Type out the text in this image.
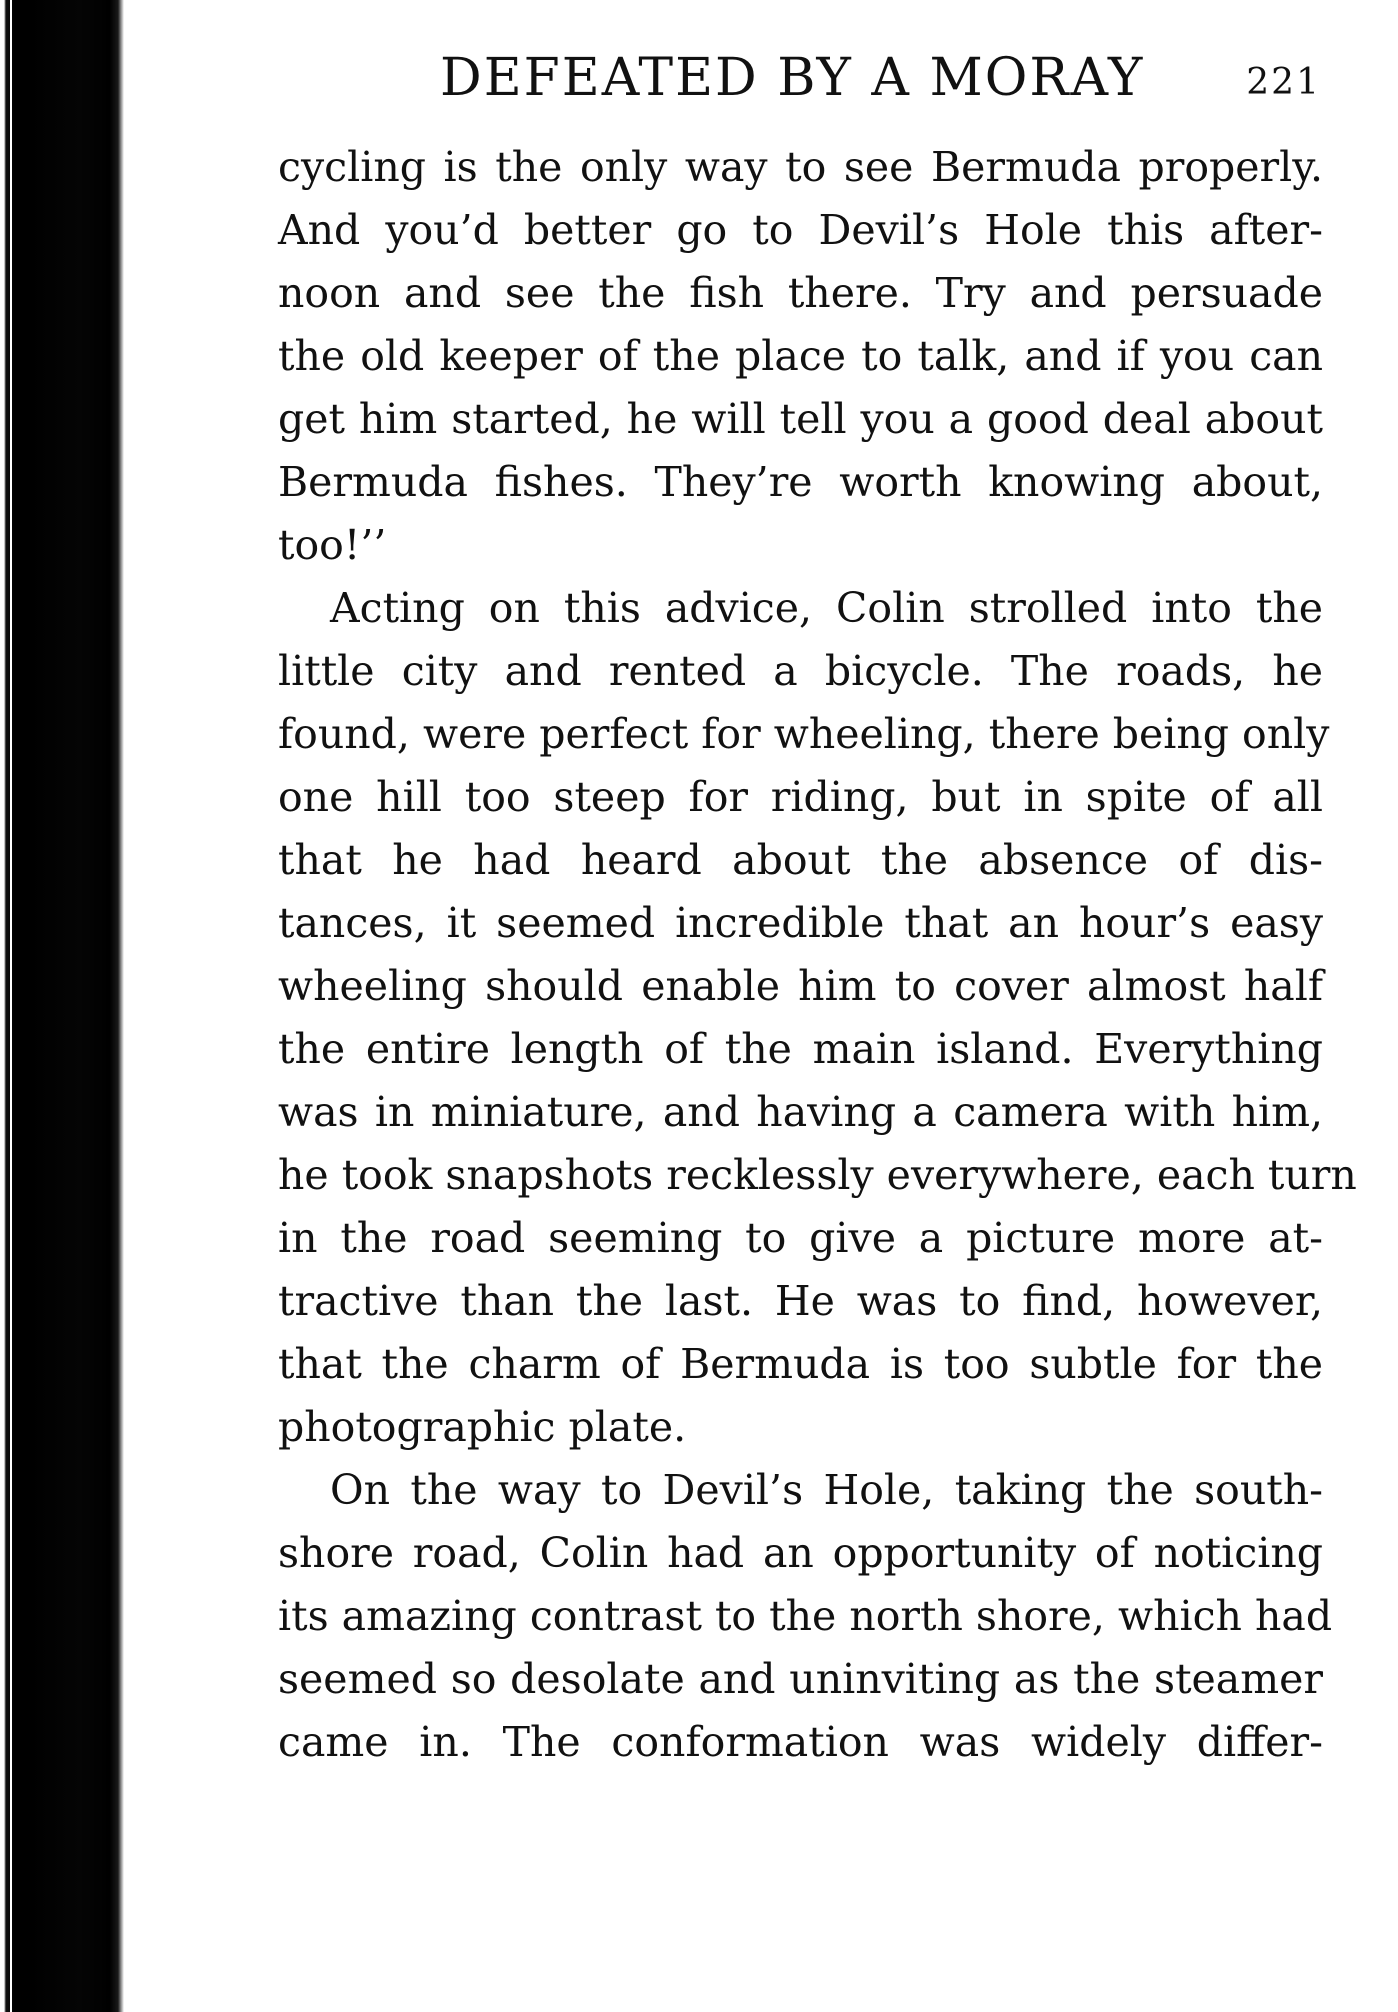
DEFEATED BY A MORAY	221

cycling is the only way to see Bermuda properly.
And you’d better go to Devil’s Hole this after-
noon and see the fish there. Try and persuade
the old keeper of the place to talk, and if you can
get him started, he will tell you a good deal about
Bermuda fishes. They’re worth knowing about,
too!’’

Acting on this advice, Colin strolled into the
little city and rented a bicycle. The roads, he
found, were perfect for wheeling, there being only
one hill too steep for riding, but in spite of all
that he had heard about the absence of dis-
tances, it seemed incredible that an hour’s easy
wheeling should enable him to cover almost half
the entire length of the main island. Everything
was in miniature, and having a camera with him,
he took snapshots recklessly everywhere, each turn
in the road seeming to give a picture more at-
tractive than the last. He was to find, however,
that the charm of Bermuda is too subtle for the
photographic plate.

On the way to Devil’s Hole, taking the south-
shore road, Colin had an opportunity of noticing
its amazing contrast to the north shore, which had
seemed so desolate and uninviting as the steamer
came in. The conformation was widely differ-
